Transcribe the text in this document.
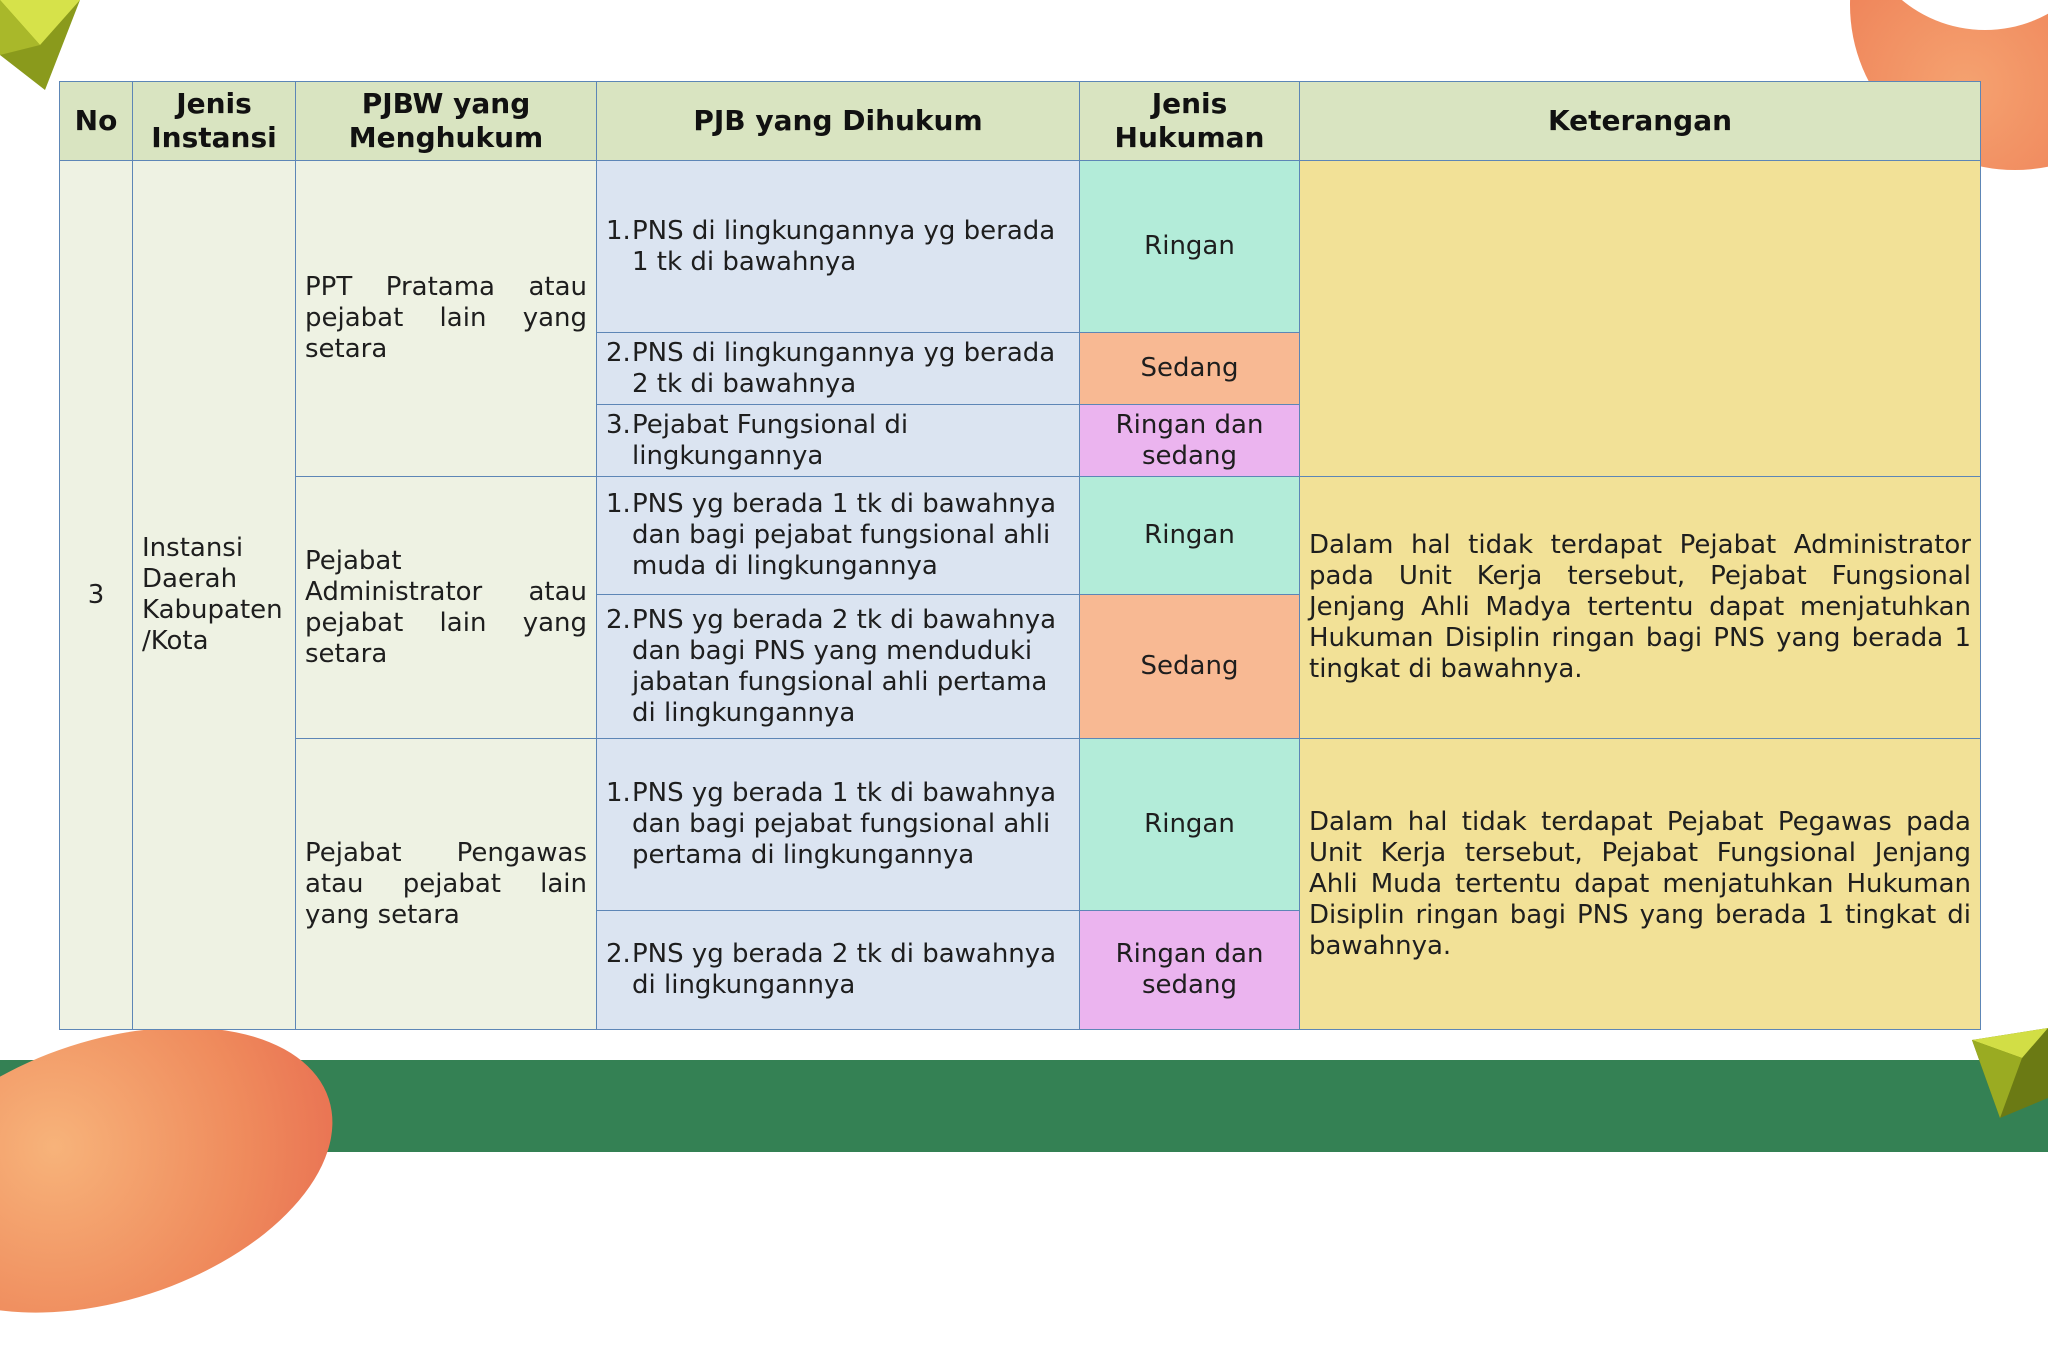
No	Jenis Instansi	PJBW yang Menghukum	PJB yang Dihukum	Jenis Hukuman	Keterangan
3	Instansi Daerah Kabupaten /Kota	PPT Pratama atau pejabat lain yang setara	1. PNS di lingkungannya yg berada 1 tk di bawahnya	Ringan	

			2. PNS di lingkungannya yg berada 2 tk di bawahnya	Sedang	

			3. Pejabat Fungsional di lingkungannya	Ringan dan sedang	
		Pejabat Administrator atau pejabat lain yang setara	1. PNS yg berada 1 tk di bawahnya dan bagi pejabat fungsional ahli muda di lingkungannya	Ringan	Dalam hal tidak terdapat Pejabat Administrator pada Unit Kerja tersebut, Pejabat Fungsional Jenjang Ahli Madya tertentu dapat menjatuhkan Hukuman Disiplin ringan bagi PNS yang berada 1 tingkat di bawahnya.

			2. PNS yg berada 2 tk di bawahnya dan bagi PNS yang menduduki jabatan fungsional ahli pertama di lingkungannya	Sedang	
		Pejabat Pengawas atau pejabat lain yang setara	1. PNS yg berada 1 tk di bawahnya dan bagi pejabat fungsional ahli pertama di lingkungannya	Ringan	Dalam hal tidak terdapat Pejabat Pegawas pada Unit Kerja tersebut, Pejabat Fungsional Jenjang Ahli Muda tertentu dapat menjatuhkan Hukuman Disiplin ringan bagi PNS yang berada 1 tingkat di bawahnya.

			2. PNS yg berada 2 tk di bawahnya di lingkungannya	Ringan dan sedang	
